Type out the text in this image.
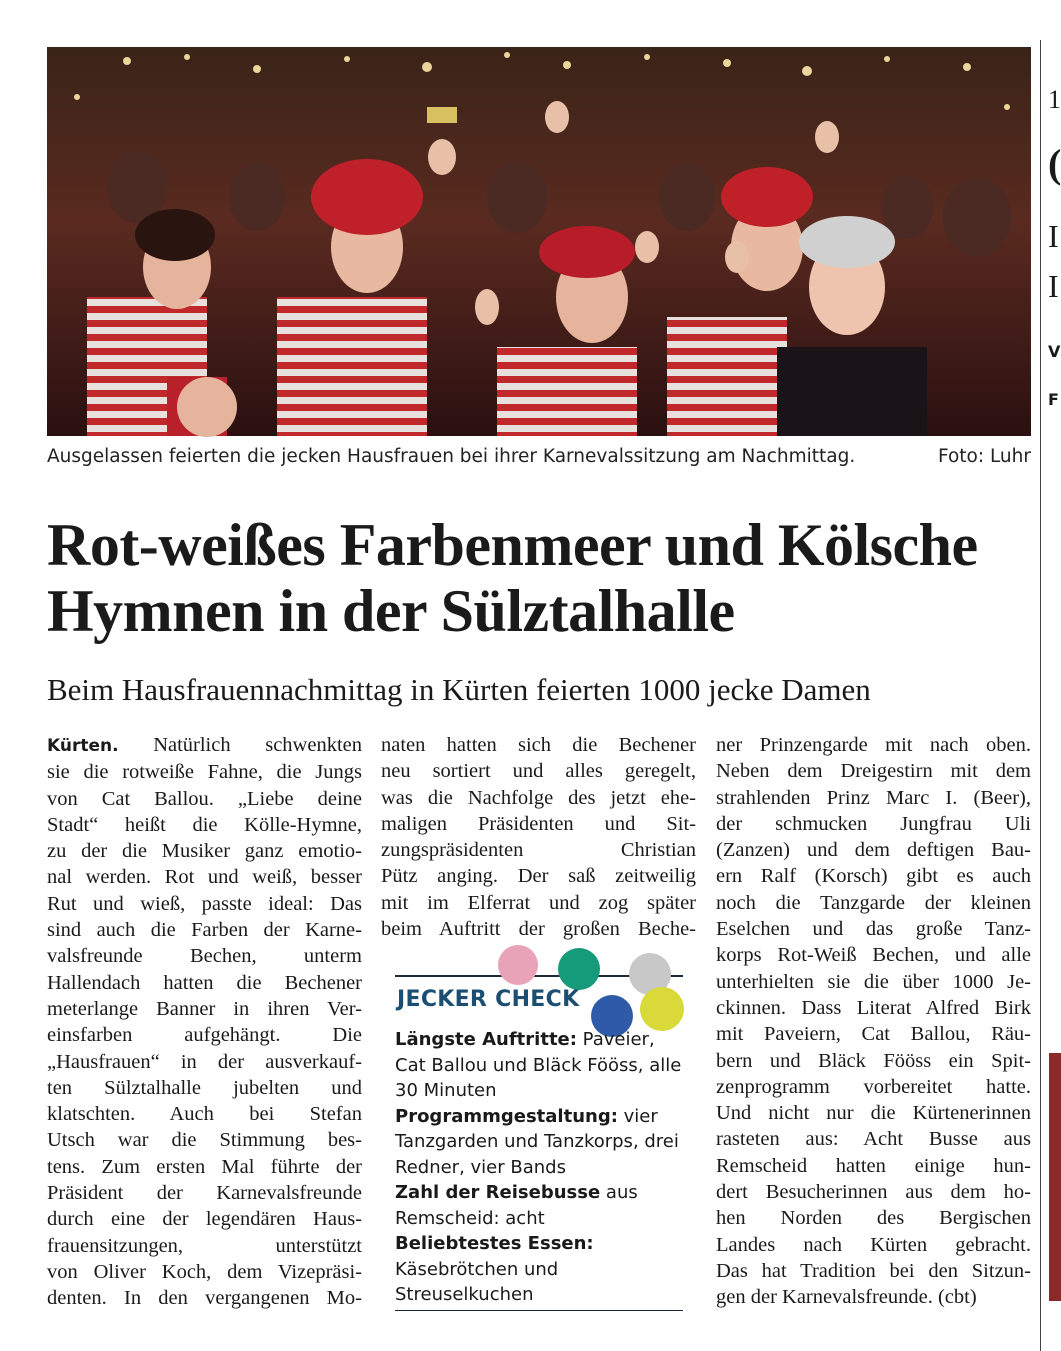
Ausgelassen feierten die jecken Hausfrauen bei ihrer Karnevalssitzung am Nachmittag.	Foto: Luhr
Rot-weißes Farbenmeer und Kölsche
Hymnen in der Sülztalhalle
Beim Hausfrauennachmittag in Kürten feierten 1000 jecke Damen
Kürten. Natürlich schwenkten
sie die rotweiße Fahne, die Jungs
von Cat Ballou. „Liebe deine
Stadt“ heißt die Kölle-Hymne,
zu der die Musiker ganz emotio-
nal werden. Rot und weiß, besser
Rut und wieß, passte ideal: Das
sind auch die Farben der Karne-
valsfreunde Bechen, unterm
Hallendach hatten die Bechener
meterlange Banner in ihren Ver-
einsfarben aufgehängt. Die
„Hausfrauen“ in der ausverkauf-
ten Sülztalhalle jubelten und
klatschten. Auch bei Stefan
Utsch war die Stimmung bes-
tens. Zum ersten Mal führte der
Präsident der Karnevalsfreunde
durch eine der legendären Haus-
frauensitzungen, unterstützt
von Oliver Koch, dem Vizepräsi-
denten. In den vergangenen Mo-
naten hatten sich die Bechener
neu sortiert und alles geregelt,
was die Nachfolge des jetzt ehe-
maligen Präsidenten und Sit-
zungspräsidenten Christian
Pütz anging. Der saß zeitweilig
mit im Elferrat und zog später
beim Auftritt der großen Beche-
JECKER CHECK

Längste Auftritte: Paveier, Cat Ballou und Bläck Fööss, alle 30 Minuten

Programmgestaltung: vier Tanzgarden und Tanzkorps, drei Redner, vier Bands

Zahl der Reisebusse aus Remscheid: acht

Beliebtestes Essen: Käsebrötchen und Streuselkuchen

ner Prinzengarde mit nach oben.
Neben dem Dreigestirn mit dem
strahlenden Prinz Marc I. (Beer),
der schmucken Jungfrau Uli
(Zanzen) und dem deftigen Bau-
ern Ralf (Korsch) gibt es auch
noch die Tanzgarde der kleinen
Eselchen und das große Tanz-
korps Rot-Weiß Bechen, und alle
unterhielten sie die über 1000 Je-
ckinnen. Dass Literat Alfred Birk
mit Paveiern, Cat Ballou, Räu-
bern und Bläck Fööss ein Spit-
zenprogramm vorbereitet hatte.
Und nicht nur die Kürtenerinnen
rasteten aus: Acht Busse aus
Remscheid hatten einige hun-
dert Besucherinnen aus dem ho-
hen Norden des Bergischen
Landes nach Kürten gebracht.
Das hat Tradition bei den Sitzun-
gen der Karnevalsfreunde. (cbt)
1
(
I
I
V
F
